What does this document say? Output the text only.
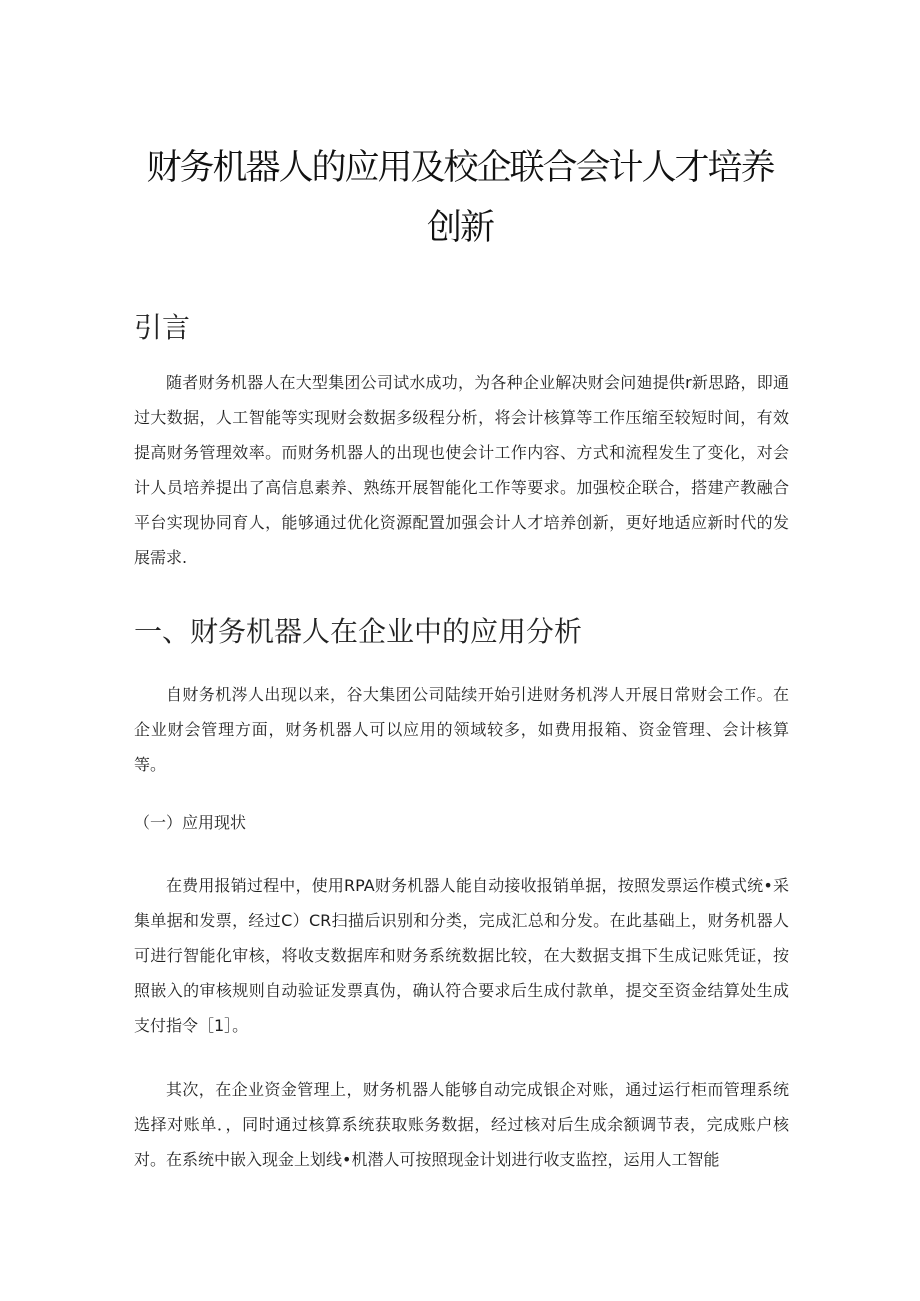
财务机器人的应用及校企联合会计人才培养
创新
引言

随者财务机器人在大型集团公司试水成功，为各种企业解决财会问廸提供r新思路，即通过大数据，人工智能等实现财会数据多级程分析，将会计核算等工作压缩至较短时间，有效提高财务管理效率。而财务机器人的出现也使会计工作内容、方式和流程发生了变化，对会计人员培养提出了高信息素养、熟练开展智能化工作等要求。加强校企联合，搭建产教融合平台实现协同育人，能够通过优化资源配置加强会计人才培养创新，更好地适应新时代的发展需求.

一、财务机器人在企业中的应用分析

自财务机涔人出现以来，谷大集团公司陆续开始引进财务机涔人开展日常财会工作。在企业财会管理方面，财务机器人可以应用的领域较多，如费用报箱、资金管理、会计核算等。

（一）应用现状

在费用报销过程中，使用RPA财务机器人能自动接收报销单据，按照发票运作模式统•采集单据和发票，经过C）CR扫描后识别和分类，完成汇总和分发。在此基础上，财务机器人可进行智能化审核，将收支数据库和财务系统数据比较，在大数据支揖下生成记账凭证，按照嵌入的审核规则自动验证发票真伪，确认符合要求后生成付款单，提交至资金结算处生成支付指令［1］。

其次，在企业资金管理上，财务机器人能够自动完成银企对账，通过运行柜而管理系统选择对账单．，同时通过核算系统获取账务数据，经过核对后生成余额调节表，完成账户核对。在系统中嵌入现金上划线•机潜人可按照现金计划进行收支监控，运用人工智能
